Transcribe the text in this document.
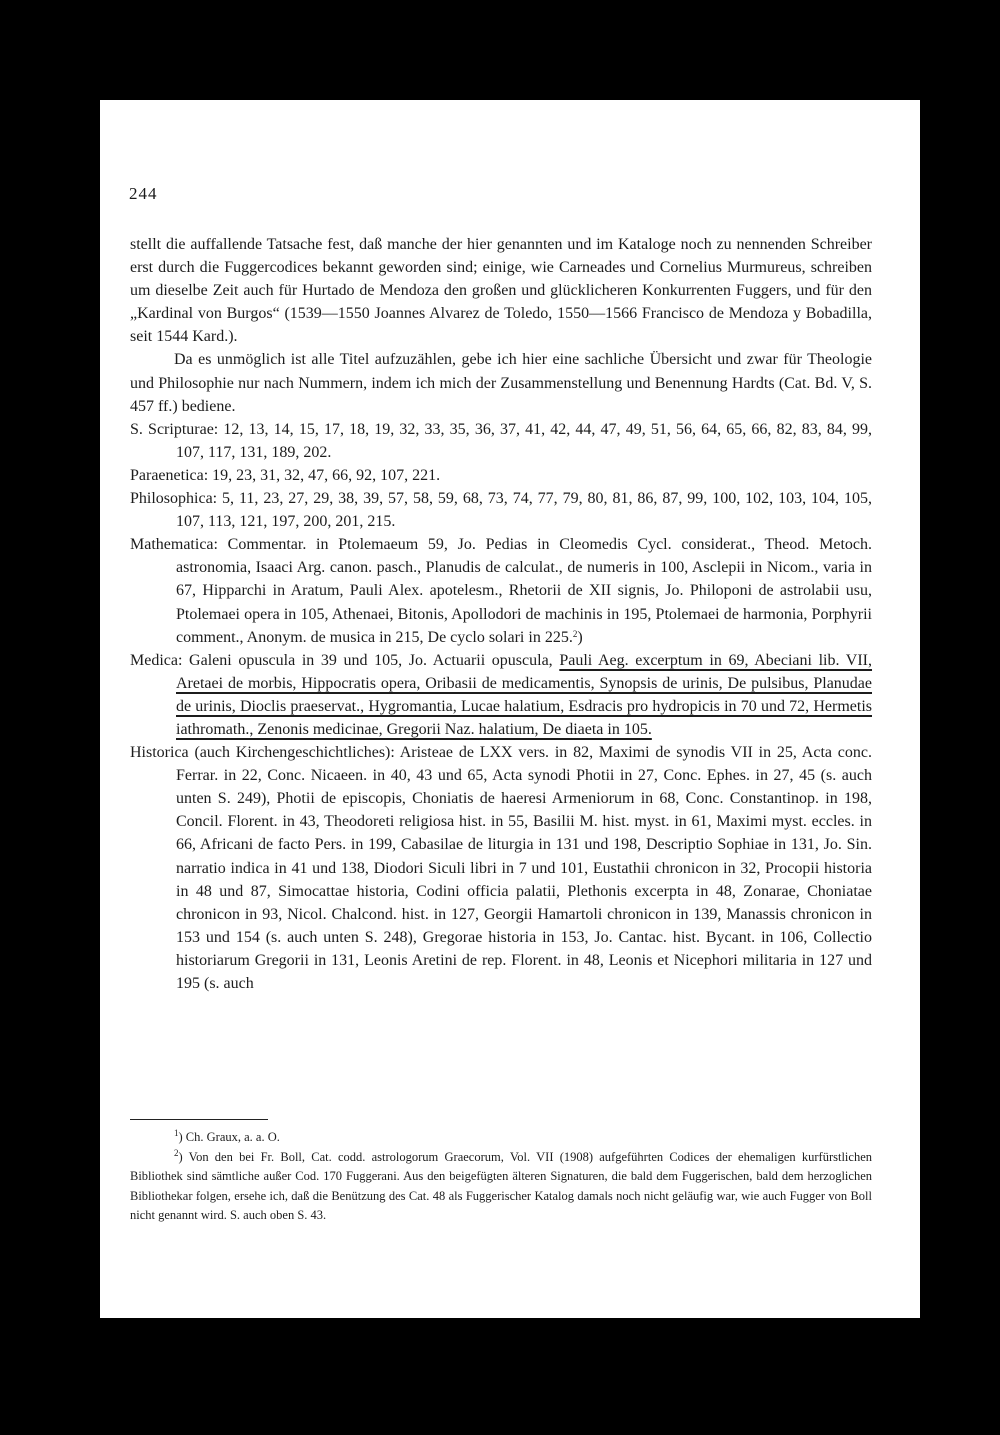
244

stellt die auffallende Tatsache fest, daß manche der hier genannten und im Kataloge noch zu nennenden Schreiber erst durch die Fuggercodices bekannt geworden sind; einige, wie Carneades und Cornelius Murmureus, schreiben um dieselbe Zeit auch für Hurtado de Mendoza den großen und glücklicheren Konkurrenten Fuggers, und für den „Kardinal von Burgos“ (1539—1550 Joannes Alvarez de Toledo, 1550—1566 Francisco de Mendoza y Bobadilla, seit 1544 Kard.).

Da es unmöglich ist alle Titel aufzuzählen, gebe ich hier eine sachliche Übersicht und zwar für Theologie und Philosophie nur nach Nummern, indem ich mich der Zusammenstellung und Benennung Hardts (Cat. Bd. V, S. 457 ff.) bediene.

S. Scripturae: 12, 13, 14, 15, 17, 18, 19, 32, 33, 35, 36, 37, 41, 42, 44, 47, 49, 51, 56, 64, 65, 66, 82, 83, 84, 99, 107, 117, 131, 189, 202.

Paraenetica: 19, 23, 31, 32, 47, 66, 92, 107, 221.

Philosophica: 5, 11, 23, 27, 29, 38, 39, 57, 58, 59, 68, 73, 74, 77, 79, 80, 81, 86, 87, 99, 100, 102, 103, 104, 105, 107, 113, 121, 197, 200, 201, 215.

Mathematica: Commentar. in Ptolemaeum 59, Jo. Pedias in Cleomedis Cycl. considerat., Theod. Metoch. astronomia, Isaaci Arg. canon. pasch., Planudis de calculat., de numeris in 100, Asclepii in Nicom., varia in 67, Hipparchi in Aratum, Pauli Alex. apotelesm., Rhetorii de XII signis, Jo. Philoponi de astrolabii usu, Ptolemaei opera in 105, Athenaei, Bitonis, Apollodori de machinis in 195, Ptolemaei de harmonia, Porphyrii comment., Anonym. de musica in 215, De cyclo solari in 225.$^2$)

Medica: Galeni opuscula in 39 und 105, Jo. Actuarii opuscula, Pauli Aeg. excerptum in 69, Abeciani lib. VII, Aretaei de morbis, Hippocratis opera, Oribasii de medicamentis, Synopsis de urinis, De pulsibus, Planudae de urinis, Dioclis praeservat., Hygromantia, Lucae halatium, Esdracis pro hydropicis in 70 und 72, Hermetis iathromath., Zenonis medicinae, Gregorii Naz. halatium, De diaeta in 105.

Historica (auch Kirchengeschichtliches): Aristeae de LXX vers. in 82, Maximi de synodis VII in 25, Acta conc. Ferrar. in 22, Conc. Nicaeen. in 40, 43 und 65, Acta synodi Photii in 27, Conc. Ephes. in 27, 45 (s. auch unten S. 249), Photii de episcopis, Choniatis de haeresi Armeniorum in 68, Conc. Constantinop. in 198, Concil. Florent. in 43, Theodoreti religiosa hist. in 55, Basilii M. hist. myst. in 61, Maximi myst. eccles. in 66, Africani de facto Pers. in 199, Cabasilae de liturgia in 131 und 198, Descriptio Sophiae in 131, Jo. Sin. narratio indica in 41 und 138, Diodori Siculi libri in 7 und 101, Eustathii chronicon in 32, Procopii historia in 48 und 87, Simocattae historia, Codini officia palatii, Plethonis excerpta in 48, Zonarae, Choniatae chronicon in 93, Nicol. Chalcond. hist. in 127, Georgii Hamartoli chronicon in 139, Manassis chronicon in 153 und 154 (s. auch unten S. 248), Gregorae historia in 153, Jo. Cantac. hist. Bycant. in 106, Collectio historiarum Gregorii in 131, Leonis Aretini de rep. Florent. in 48, Leonis et Nicephori militaria in 127 und 195 (s. auch

$^1$) Ch. Graux, a. a. O.

$^2$) Von den bei Fr. Boll, Cat. codd. astrologorum Graecorum, Vol. VII (1908) aufgeführten Codices der ehemaligen kurfürstlichen Bibliothek sind sämtliche außer Cod. 170 Fuggerani. Aus den beigefügten älteren Signaturen, die bald dem Fuggerischen, bald dem herzoglichen Bibliothekar folgen, ersehe ich, daß die Benützung des Cat. 48 als Fuggerischer Katalog damals noch nicht geläufig war, wie auch Fugger von Boll nicht genannt wird. S. auch oben S. 43.
